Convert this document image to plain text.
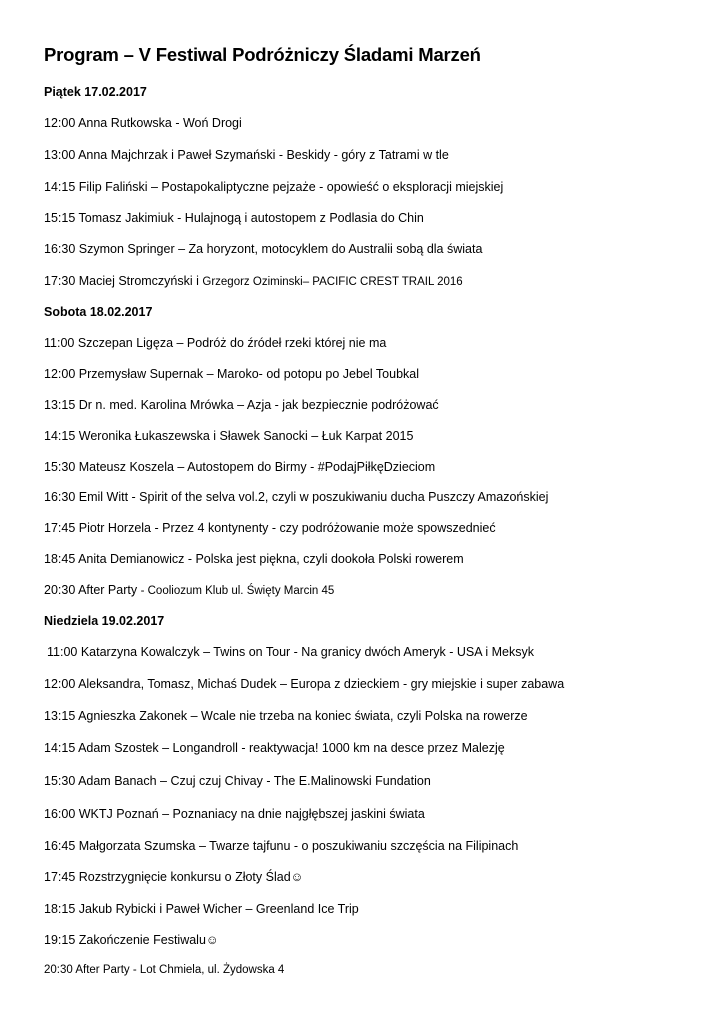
Program – V Festiwal Podróżniczy Śladami Marzeń
Piątek 17.02.2017
12:00 Anna Rutkowska - Woń Drogi
13:00 Anna Majchrzak i Paweł Szymański - Beskidy - góry z Tatrami w tle
14:15 Filip Faliński – Postapokaliptyczne pejzaże - opowieść o eksploracji miejskiej
15:15 Tomasz Jakimiuk - Hulajnogą i autostopem z Podlasia do Chin
16:30 Szymon Springer – Za horyzont, motocyklem do Australii sobą dla świata
17:30 Maciej Stromczyński i Grzegorz Oziminski– PACIFIC CREST TRAIL 2016
Sobota 18.02.2017
11:00 Szczepan Ligęza – Podróż do źródeł rzeki której nie ma
12:00 Przemysław Supernak – Maroko- od potopu po Jebel Toubkal
13:15 Dr n. med. Karolina Mrówka – Azja - jak bezpiecznie podróżować
14:15 Weronika Łukaszewska i Sławek Sanocki – Łuk Karpat 2015
15:30 Mateusz Koszela – Autostopem do Birmy - #PodajPiłkęDzieciom
16:30 Emil Witt - Spirit of the selva vol.2, czyli w poszukiwaniu ducha Puszczy Amazońskiej
17:45 Piotr Horzela - Przez 4 kontynenty - czy podróżowanie może spowszednieć
18:45 Anita Demianowicz - Polska jest piękna, czyli dookoła Polski rowerem
20:30 After Party - Cooliozum Klub ul. Święty Marcin 45
Niedziela 19.02.2017
11:00 Katarzyna Kowalczyk – Twins on Tour - Na granicy dwóch Ameryk - USA i Meksyk
12:00 Aleksandra, Tomasz, Michaś Dudek – Europa z dzieckiem - gry miejskie i super zabawa
13:15 Agnieszka Zakonek – Wcale nie trzeba na koniec świata, czyli Polska na rowerze
14:15 Adam Szostek – Longandroll - reaktywacja! 1000 km na desce przez Malezję
15:30 Adam Banach – Czuj czuj Chivay - The E.Malinowski Fundation
16:00 WKTJ Poznań – Poznaniacy na dnie najgłębszej jaskini świata
16:45 Małgorzata Szumska – Twarze tajfunu - o poszukiwaniu szczęścia na Filipinach
17:45 Rozstrzygnięcie konkursu o Złoty Ślad☺
18:15 Jakub Rybicki i Paweł Wicher – Greenland Ice Trip
19:15 Zakończenie Festiwalu☺
20:30 After Party - Lot Chmiela, ul. Żydowska 4
